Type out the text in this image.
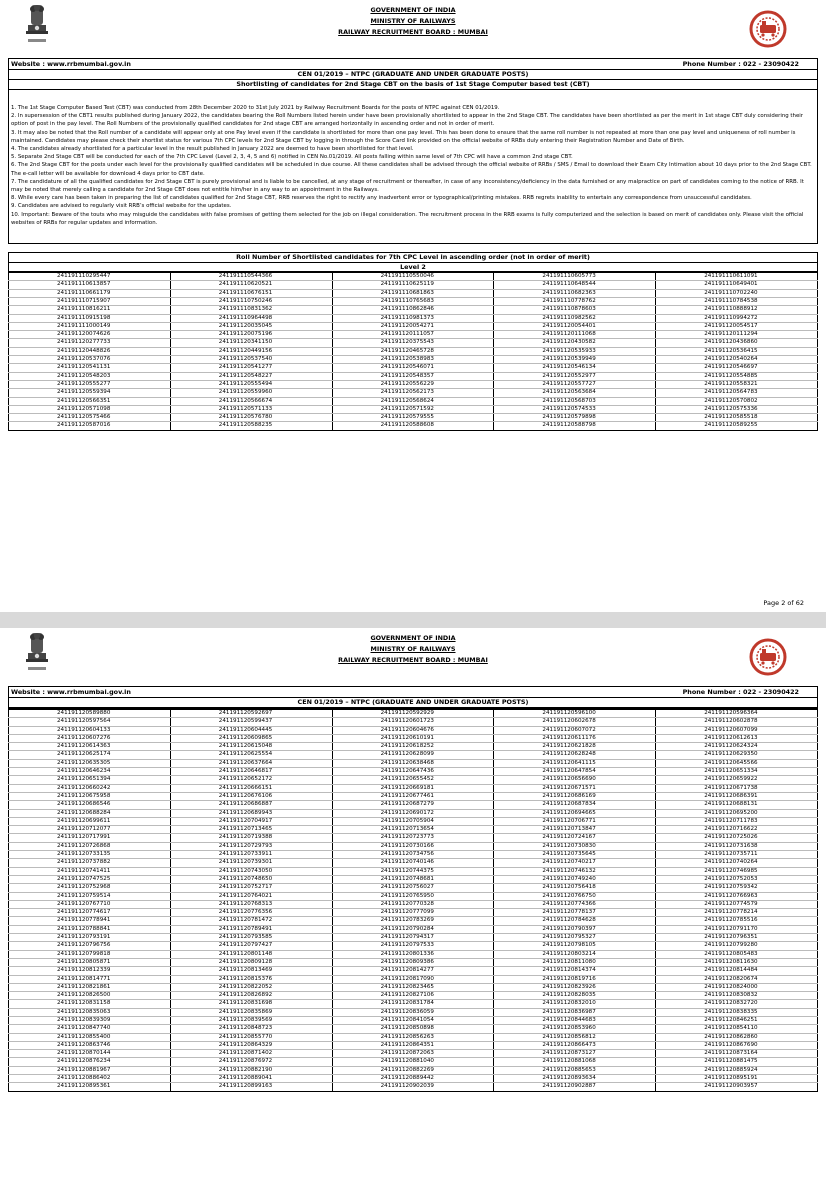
GOVERNMENT OF INDIA
MINISTRY OF RAILWAYS
RAILWAY RECRUITMENT BOARD : MUMBAI
Website : www.rrbmumbai.gov.in	Phone Number : 022 - 23090422
CEN 01/2019 – NTPC (GRADUATE AND UNDER GRADUATE POSTS)
Shortlisting of candidates for 2nd Stage CBT on the basis of 1st Stage Computer based test (CBT)

1. The 1st Stage Computer Based Test (CBT) was conducted from 28th December 2020 to 31st July 2021 by Railway Recruitment Boards for the posts of NTPC against CEN 01/2019.

2. In supersession of the CBT1 results published during January 2022, the candidates bearing the Roll Numbers listed herein under have been provisionally shortlisted to appear in the 2nd Stage CBT. The candidates have been shortlisted as per the merit in 1st stage CBT duly considering their option of post in the pay level. The Roll Numbers of the provisionally qualified candidates for 2nd stage CBT are arranged horizontally in ascending order and not in order of merit.

3. It may also be noted that the Roll number of a candidate will appear only at one Pay level even if the candidate is shortlisted for more than one pay level. This has been done to ensure that the same roll number is not repeated at more than one pay level and uniqueness of roll number is maintained. Candidates may please check their shortlist status for various 7th CPC levels for 2nd Stage CBT by logging in through the Score Card link provided on the official website of RRBs duly entering their Registration Number and Date of Birth.

4. The candidates already shortlisted for a particular level in the result published in January 2022 are deemed to have been shortlisted for that level.

5. Separate 2nd Stage CBT will be conducted for each of the 7th CPC Level (Level 2, 3, 4, 5 and 6) notified in CEN No.01/2019. All posts falling within same level of 7th CPC will have a common 2nd stage CBT.

6. The 2nd Stage CBT for the posts under each level for the provisionally qualified candidates will be scheduled in due course. All these candidates shall be advised through the official website of RRBs / SMS / Email to download their Exam City Intimation about 10 days prior to the 2nd Stage CBT. The e-call letter will be available for download 4 days prior to CBT date.

7. The candidature of all the qualified candidates for 2nd Stage CBT is purely provisional and is liable to be cancelled, at any stage of recruitment or thereafter, in case of any inconsistency/deficiency in the data furnished or any malpractice on part of candidates coming to the notice of RRB. It may be noted that merely calling a candidate for 2nd Stage CBT does not entitle him/her in any way to an appointment in the Railways.

8. While every care has been taken in preparing the list of candidates qualified for 2nd Stage CBT, RRB reserves the right to rectify any inadvertent error or typographical/printing mistakes. RRB regrets inability to entertain any correspondence from unsuccessful candidates.

9. Candidates are advised to regularly visit RRB’s official website for the updates.

10. Important: Beware of the touts who may misguide the candidates with false promises of getting them selected for the job on illegal consideration. The recruitment process in the RRB exams is fully computerized and the selection is based on merit of candidates only. Please visit the official websites of RRBs for regular updates and information.

Roll Number of Shortlisted candidates for 7th CPC Level in ascending order (not in order of merit)
Level 2
241191110295447	241191110544366	241191110550046	241191110605773	241191110611091
241191110613857	241191110620521	241191110625119	241191110648544	241191110649401
241191110661179	241191110676151	241191110681863	241191110682363	241191110702240
241191110715907	241191110750246	241191110765683	241191110778762	241191110784538
241191110816211	241191110831362	241191110862846	241191110878603	241191110888912
241191110915198	241191110964498	241191110981373	241191110982562	241191110994272
241191111000149	241191120035045	241191120054271	241191120054401	241191120054517
241191120074626	241191120075196	241191120111057	241191120111068	241191120111294
241191120277733	241191120341150	241191120375543	241191120430582	241191120436860
241191120448826	241191120449156	241191120465728	241191120535933	241191120536415
241191120537076	241191120537540	241191120538983	241191120539949	241191120540264
241191120541131	241191120541277	241191120546071	241191120546134	241191120546697
241191120548203	241191120548227	241191120548357	241191120552977	241191120554885
241191120555277	241191120555494	241191120556229	241191120557727	241191120558321
241191120559394	241191120559960	241191120562173	241191120563684	241191120564783
241191120566351	241191120566674	241191120568624	241191120568703	241191120570802
241191120571098	241191120571133	241191120571592	241191120574533	241191120575336
241191120575466	241191120576780	241191120579555	241191120579898	241191120585518
241191120587016	241191120588235	241191120588608	241191120588798	241191120589255
Page 2 of 62
GOVERNMENT OF INDIA
MINISTRY OF RAILWAYS
RAILWAY RECRUITMENT BOARD : MUMBAI
Website : www.rrbmumbai.gov.in	Phone Number : 022 - 23090422
CEN 01/2019 – NTPC (GRADUATE AND UNDER GRADUATE POSTS)
241191120589880	241191120592697	241191120592929	241191120596100	241191120596364
241191120597564	241191120599437	241191120601723	241191120602678	241191120602878
241191120604133	241191120604445	241191120604676	241191120607072	241191120607099
241191120607276	241191120609865	241191120610191	241191120611176	241191120612613
241191120614363	241191120615048	241191120618252	241191120621828	241191120624324
241191120625174	241191120625554	241191120628099	241191120628248	241191120629350
241191120635305	241191120637664	241191120638468	241191120641115	241191120645566
241191120646234	241191120646817	241191120647436	241191120647854	241191120651334
241191120651394	241191120652172	241191120655452	241191120656690	241191120659922
241191120660242	241191120666151	241191120669181	241191120671571	241191120671738
241191120675958	241191120676106	241191120677461	241191120686169	241191120686391
241191120686546	241191120686887	241191120687279	241191120687834	241191120688131
241191120688284	241191120689943	241191120690172	241191120694665	241191120695200
241191120699611	241191120704917	241191120705904	241191120706771	241191120711783
241191120712077	241191120713465	241191120713654	241191120713847	241191120716622
241191120717991	241191120719388	241191120723773	241191120724167	241191120725026
241191120726868	241191120729793	241191120730166	241191120730830	241191120731638
241191120733135	241191120733911	241191120734756	241191120735645	241191120735711
241191120737882	241191120739301	241191120740146	241191120740217	241191120740264
241191120741411	241191120743050	241191120744375	241191120746132	241191120746985
241191120747525	241191120748650	241191120748681	241191120749240	241191120752053
241191120752968	241191120752717	241191120756027	241191120756418	241191120759342
241191120759514	241191120764021	241191120765950	241191120766750	241191120766963
241191120767710	241191120768313	241191120770328	241191120774366	241191120774579
241191120774617	241191120776356	241191120777099	241191120778137	241191120778214
241191120778941	241191120781472	241191120783269	241191120784628	241191120785516
241191120788841	241191120789491	241191120790284	241191120790397	241191120791170
241191120793191	241191120793585	241191120794317	241191120795327	241191120796351
241191120796756	241191120797427	241191120797533	241191120798105	241191120799280
241191120799818	241191120801148	241191120801336	241191120803214	241191120805483
241191120805871	241191120809128	241191120809386	241191120811080	241191120811630
241191120812339	241191120813469	241191120814277	241191120814374	241191120814484
241191120814771	241191120815376	241191120817090	241191120819716	241191120820674
241191120821861	241191120822052	241191120823465	241191120823926	241191120824000
241191120826500	241191120826892	241191120827106	241191120828035	241191120830832
241191120831158	241191120831698	241191120831784	241191120832010	241191120832720
241191120835063	241191120835869	241191120836059	241191120836987	241191120838335
241191120839309	241191120839569	241191120841054	241191120844683	241191120846251
241191120847740	241191120848723	241191120850898	241191120853960	241191120854110
241191120855400	241191120855770	241191120856263	241191120856812	241191120862860
241191120863746	241191120864329	241191120864351	241191120866473	241191120867690
241191120870144	241191120871402	241191120872063	241191120873127	241191120873164
241191120876234	241191120876972	241191120881040	241191120881068	241191120881475
241191120881967	241191120882190	241191120882269	241191120885653	241191120885924
241191120886402	241191120889041	241191120889442	241191120893634	241191120895191
241191120895361	241191120899163	241191120902039	241191120902887	241191120903957
